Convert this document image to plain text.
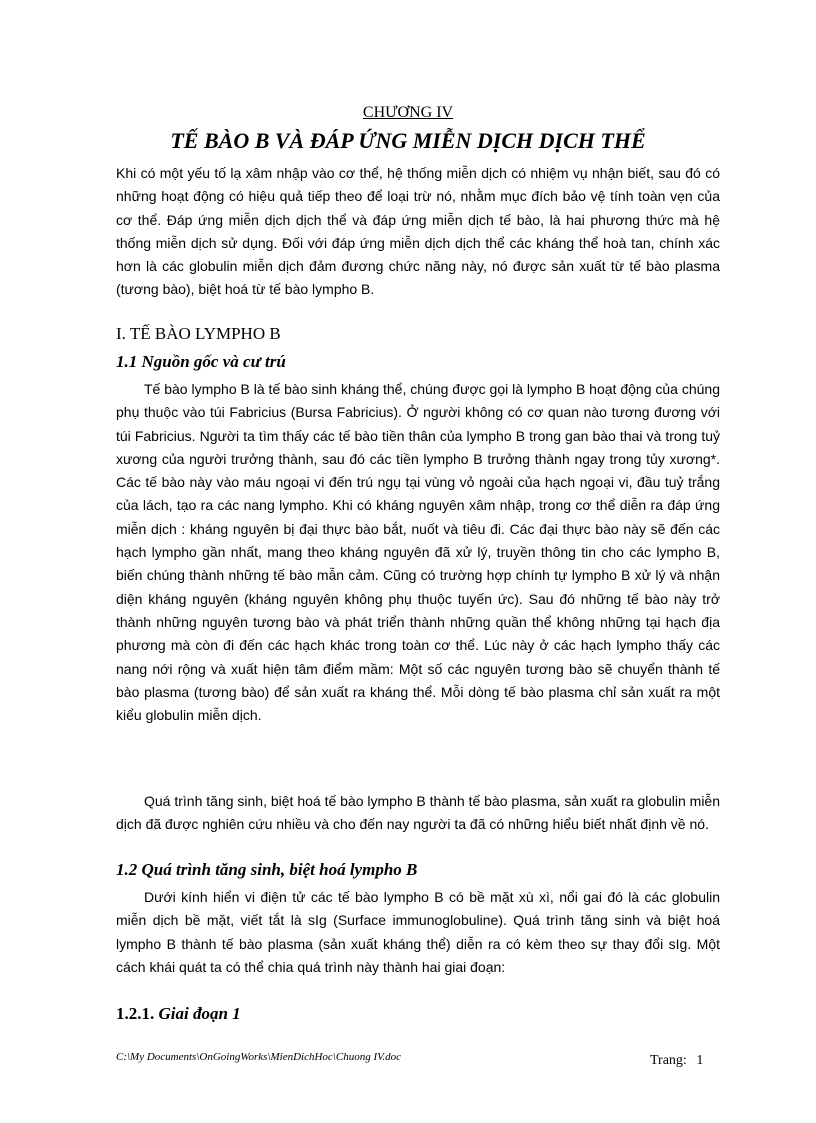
CHƯƠNG IV
TẾ BÀO B VÀ ĐÁP ỨNG MIỄN DỊCH DỊCH THỂ

Khi có một yếu tố lạ xâm nhập vào cơ thể, hệ thống miễn dịch có nhiệm vụ nhận biết, sau đó có những hoạt động có hiệu quả tiếp theo để loại trừ nó, nhằm mục đích bảo vệ tính toàn vẹn của cơ thể. Đáp ứng miễn dịch dịch thể và đáp ứng miễn dịch tế bào, là hai phương thức mà hệ thống miễn dịch sử dụng. Đối với đáp ứng miễn dịch dịch thể các kháng thể hoà tan, chính xác hơn là các globulin miễn dịch đảm đương chức năng này, nó được sản xuất từ tế bào plasma (tương bào), biệt hoá từ tế bào lympho B.

I. TẾ BÀO LYMPHO B
1.1 Nguồn gốc và cư trú

Tế bào lympho B là tế bào sinh kháng thể, chúng được gọi là lympho B hoạt động của chúng phụ thuộc vào túi Fabricius (Bursa Fabricius). Ở người không có cơ quan nào tương đương với túi Fabricius. Người ta tìm thấy các tế bào tiền thân của lympho B trong gan bào thai và trong tuỷ xương của người trưởng thành, sau đó các tiền lympho B trưởng thành ngay trong tủy xương*. Các tế bào này vào máu ngoại vi đến trú ngụ tại vùng vỏ ngoài của hạch ngoại vi, đầu tuỷ trắng của lách, tạo ra các nang lympho. Khi có kháng nguyên xâm nhập, trong cơ thể diễn ra đáp ứng miễn dịch : kháng nguyên bị đại thực bào bắt, nuốt và tiêu đi. Các đại thực bào này sẽ đến các hạch lympho gần nhất, mang theo kháng nguyên đã xử lý, truyền thông tin cho các lympho B, biến chúng thành những tế bào mẫn cảm. Cũng có trường hợp chính tự lympho B xử lý và nhận diện kháng nguyên (kháng nguyên không phụ thuộc tuyến ức). Sau đó những tế bào này trở thành những nguyên tương bào và phát triển thành những quần thể không những tại hạch địa phương mà còn đi đến các hạch khác trong toàn cơ thể. Lúc này ở các hạch lympho thấy các nang nới rộng và xuất hiện tâm điểm mầm: Một số các nguyên tương bào sẽ chuyển thành tế bào plasma (tương bào) để sản xuất ra kháng thể. Mỗi dòng tế bào plasma chỉ sản xuất ra một kiểu globulin miễn dịch.

Quá trình tăng sinh, biệt hoá tế bào lympho B thành tế bào plasma, sản xuất ra globulin miễn dịch đã được nghiên cứu nhiều và cho đến nay người ta đã có những hiểu biết nhất định về nó.

1.2 Quá trình tăng sinh, biệt hoá lympho B

Dưới kính hiển vi điện tử các tế bào lympho B có bề mặt xù xì, nổi gai đó là các globulin miễn dịch bề mặt, viết tắt là sIg (Surface immunoglobuline). Quá trình tăng sinh và biệt hoá lympho B thành tế bào plasma (sản xuất kháng thể) diễn ra có kèm theo sự thay đổi sIg. Một cách khái quát ta có thể chia quá trình này thành hai giai đoạn:

1.2.1. Giai đoạn 1
C:\My Documents\OnGoingWorks\MienDichHoc\Chuong IV.doc	Trang: 1
